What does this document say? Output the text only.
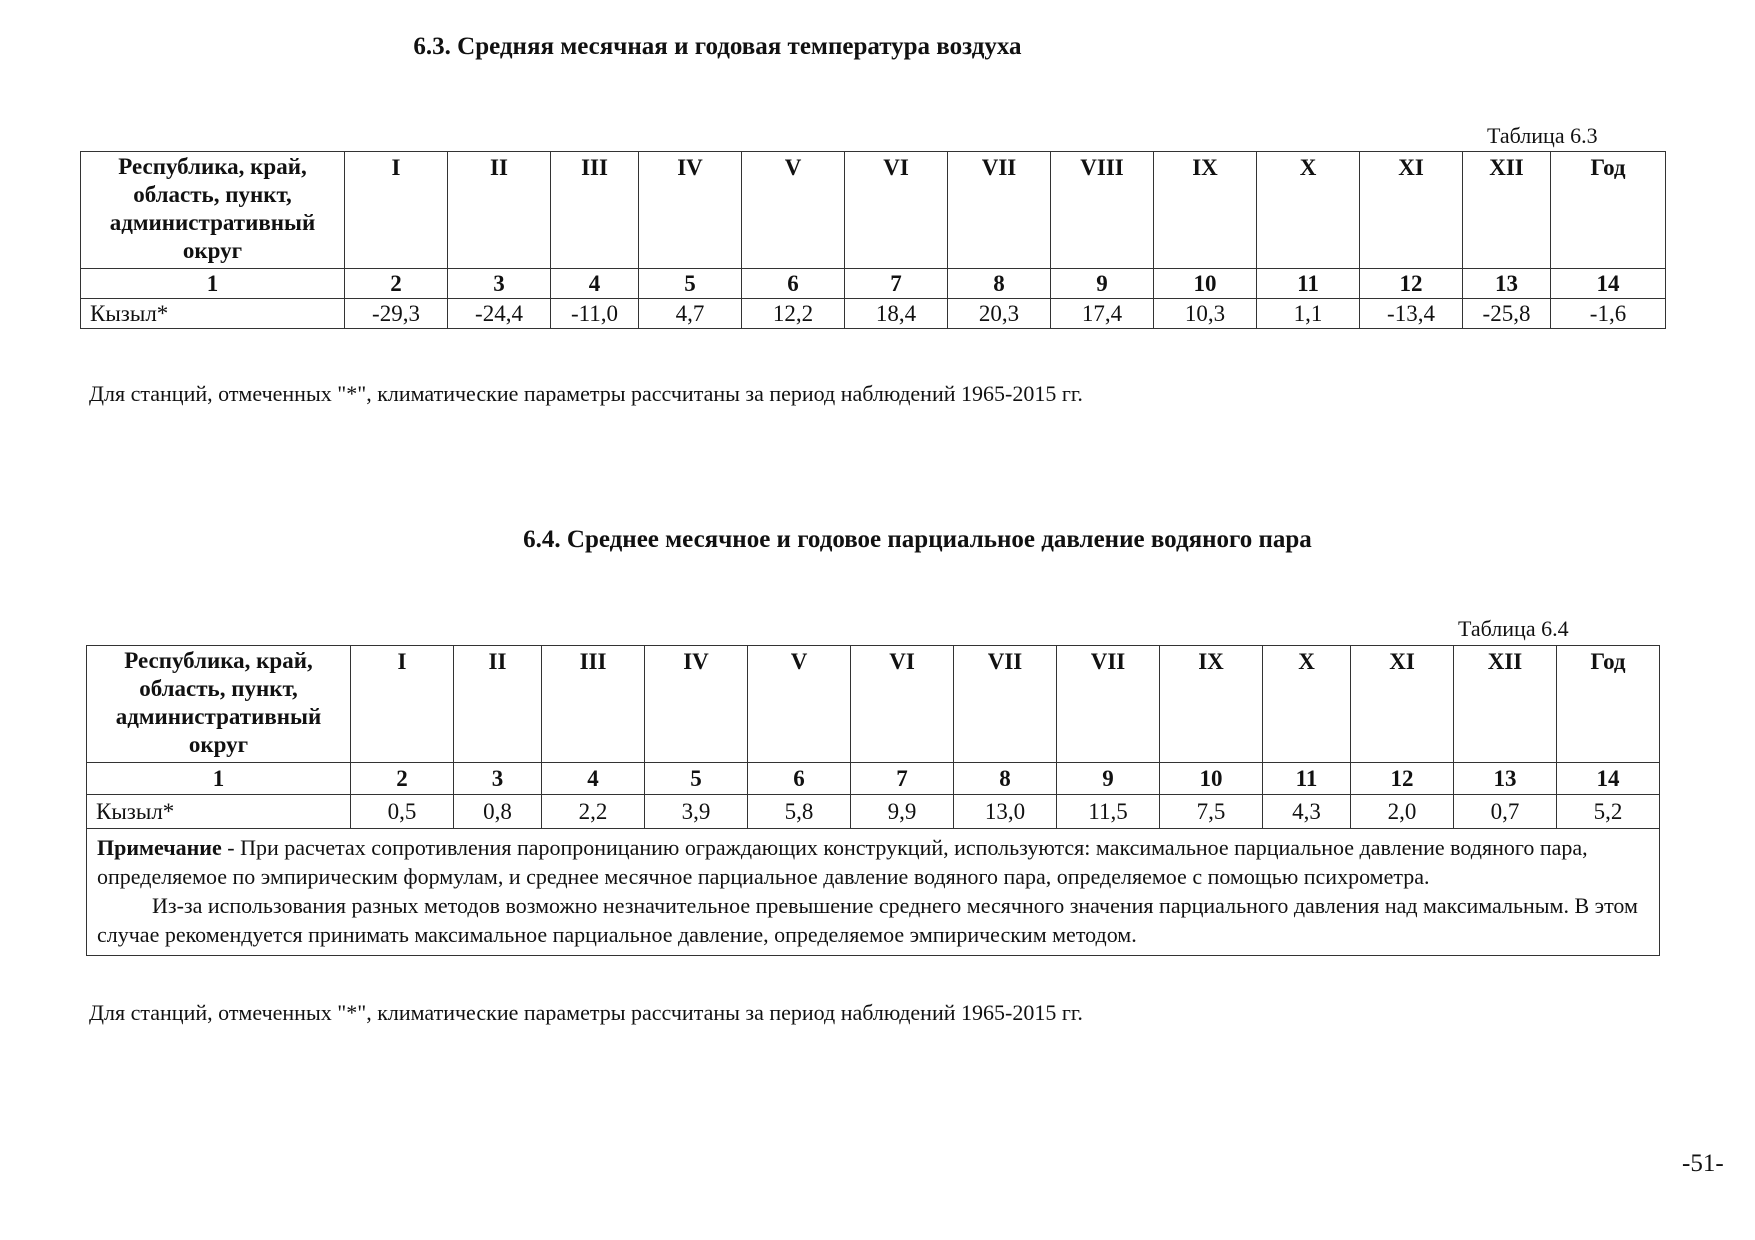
6.3. Средняя месячная и годовая температура воздуха
Таблица 6.3
Республика, край, область, пункт, административный округ	I	II	III	IV	V	VI	VII	VIII	IX	X	XI	XII	Год
1	2	3	4	5	6	7	8	9	10	11	12	13	14
Кызыл*	-29,3	-24,4	-11,0	4,7	12,2	18,4	20,3	17,4	10,3	1,1	-13,4	-25,8	-1,6
Для станций, отмеченных "*", климатические параметры рассчитаны за период наблюдений 1965-2015 гг.
6.4. Среднее месячное и годовое парциальное давление водяного пара
Таблица 6.4
Республика, край, область, пункт, административный округ	I	II	III	IV	V	VI	VII	VII	IX	X	XI	XII	Год
1	2	3	4	5	6	7	8	9	10	11	12	13	14
Кызыл*	0,5	0,8	2,2	3,9	5,8	9,9	13,0	11,5	7,5	4,3	2,0	0,7	5,2

Примечание - При расчетах сопротивления паропроницанию ограждающих конструкций, используются: максимальное парциальное давление водяного пара, определяемое по эмпирическим формулам, и среднее месячное парциальное давление водяного пара, определяемое с помощью психрометра.
Из-за использования разных методов возможно незначительное превышение среднего месячного значения парциального давления над максимальным. В этом случае рекомендуется принимать максимальное парциальное давление, определяемое эмпирическим методом.													
Для станций, отмеченных "*", климатические параметры рассчитаны за период наблюдений 1965-2015 гг.
-51-
